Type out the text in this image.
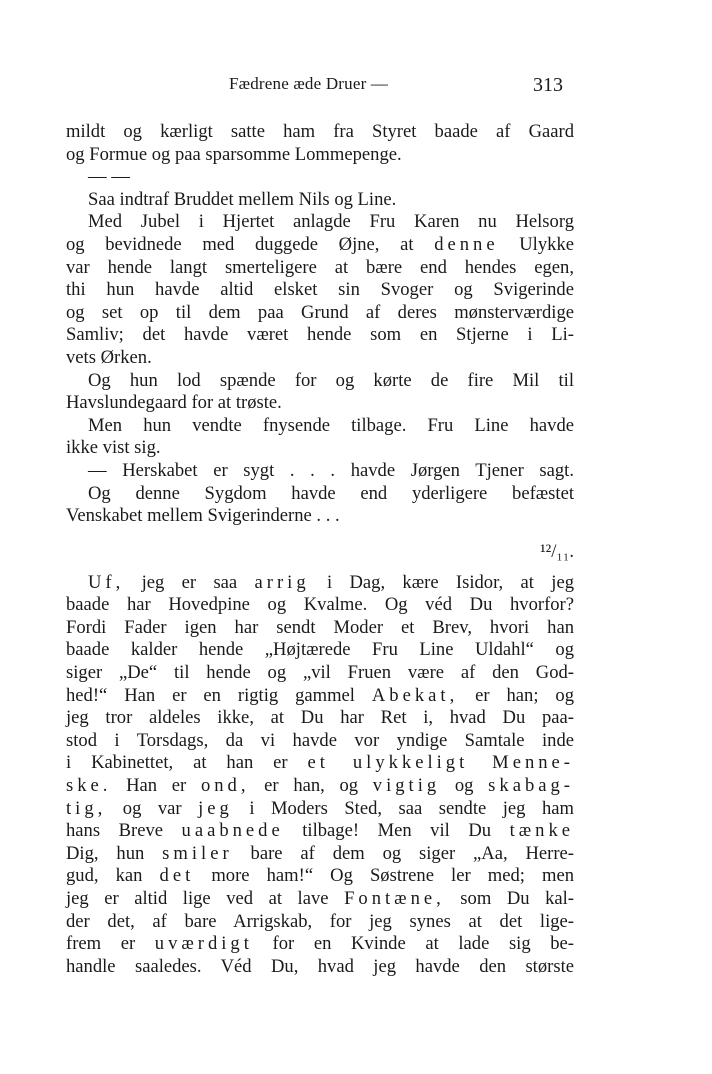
Fædrene æde Druer —	313
mildt og kærligt satte ham fra Styret baade af Gaard
og Formue og paa sparsomme Lommepenge.
— —
Saa indtraf Bruddet mellem Nils og Line.
Med Jubel i Hjertet anlagde Fru Karen nu Helsorg
og bevidnede med duggede Øjne, at denne Ulykke
var hende langt smerteligere at bære end hendes egen,
thi hun havde altid elsket sin Svoger og Svigerinde
og set op til dem paa Grund af deres mønsterværdige
Samliv; det havde været hende som en Stjerne i Li-
vets Ørken.
Og hun lod spænde for og kørte de fire Mil til
Havslundegaard for at trøste.
Men hun vendte fnysende tilbage. Fru Line havde
ikke vist sig.
— Herskabet er sygt . . . havde Jørgen Tjener sagt.
Og denne Sygdom havde end yderligere befæstet
Venskabet mellem Svigerinderne . . .
¹²/₁₁.
Uf, jeg er saa arrig i Dag, kære Isidor, at jeg
baade har Hovedpine og Kvalme. Og véd Du hvorfor?
Fordi Fader igen har sendt Moder et Brev, hvori han
baade kalder hende „Højtærede Fru Line Uldahl“ og
siger „De“ til hende og „vil Fruen være af den God-
hed!“ Han er en rigtig gammel Abekat, er han; og
jeg tror aldeles ikke, at Du har Ret i, hvad Du paa-
stod i Torsdags, da vi havde vor yndige Samtale inde
i Kabinettet, at han er et ulykkeligt Menne-
ske. Han er ond, er han, og vigtig og skabag-
tig, og var jeg i Moders Sted, saa sendte jeg ham
hans Breve uaabnede tilbage! Men vil Du tænke
Dig, hun smiler bare af dem og siger „Aa, Herre-
gud, kan det more ham!“ Og Søstrene ler med; men
jeg er altid lige ved at lave Fontæne, som Du kal-
der det, af bare Arrigskab, for jeg synes at det lige-
frem er uværdigt for en Kvinde at lade sig be-
handle saaledes. Véd Du, hvad jeg havde den største
